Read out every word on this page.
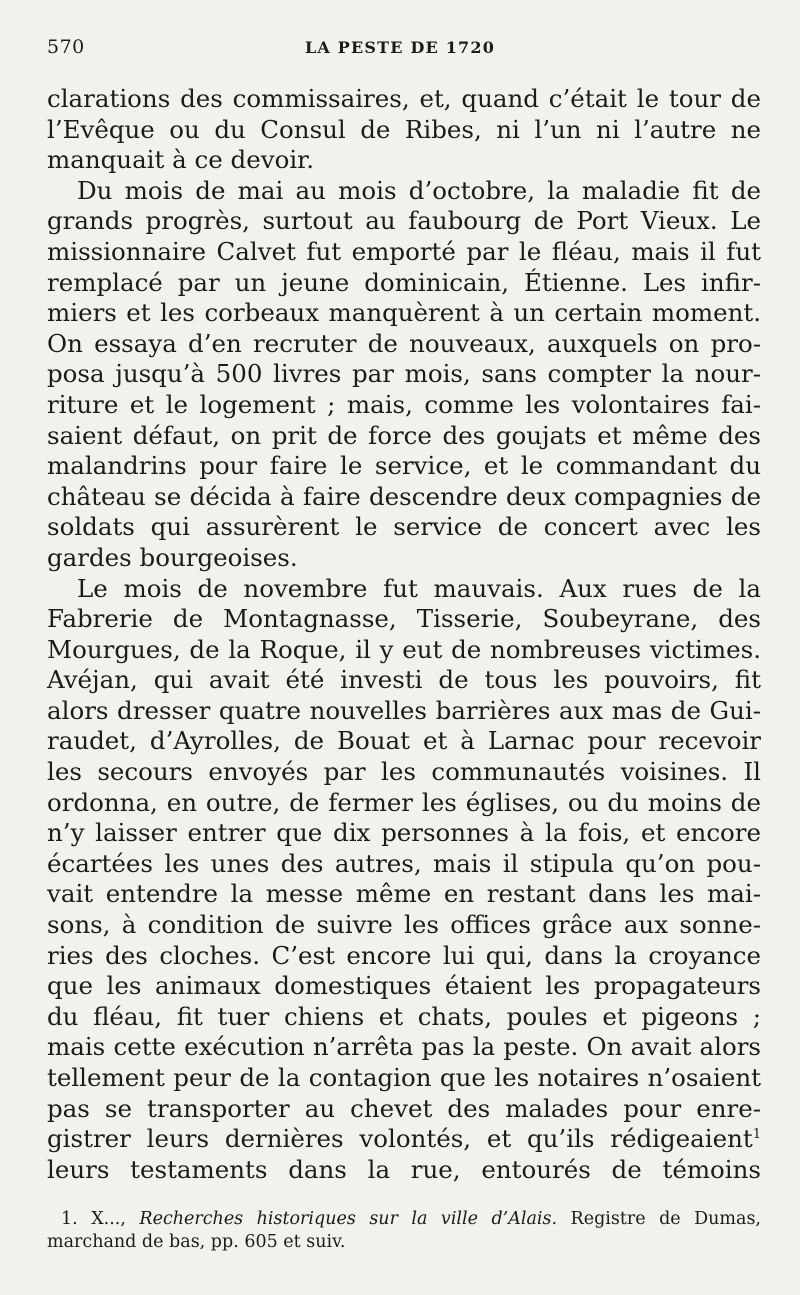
570	LA PESTE DE 1720
clarations des commissaires, et, quand c’était le tour de
l’Evêque ou du Consul de Ribes, ni l’un ni l’autre ne
manquait à ce devoir.
Du mois de mai au mois d’octobre, la maladie fit de
grands progrès, surtout au faubourg de Port Vieux. Le
missionnaire Calvet fut emporté par le fléau, mais il fut
remplacé par un jeune dominicain, Étienne. Les infir-
miers et les corbeaux manquèrent à un certain moment.
On essaya d’en recruter de nouveaux, auxquels on pro-
posa jusqu’à 500 livres par mois, sans compter la nour-
riture et le logement ; mais, comme les volontaires fai-
saient défaut, on prit de force des goujats et même des
malandrins pour faire le service, et le commandant du
château se décida à faire descendre deux compagnies de
soldats qui assurèrent le service de concert avec les
gardes bourgeoises.
Le mois de novembre fut mauvais. Aux rues de la
Fabrerie de Montagnasse, Tisserie, Soubeyrane, des
Mourgues, de la Roque, il y eut de nombreuses victimes.
Avéjan, qui avait été investi de tous les pouvoirs, fit
alors dresser quatre nouvelles barrières aux mas de Gui-
raudet, d’Ayrolles, de Bouat et à Larnac pour recevoir
les secours envoyés par les communautés voisines. Il
ordonna, en outre, de fermer les églises, ou du moins de
n’y laisser entrer que dix personnes à la fois, et encore
écartées les unes des autres, mais il stipula qu’on pou-
vait entendre la messe même en restant dans les mai-
sons, à condition de suivre les offices grâce aux sonne-
ries des cloches. C’est encore lui qui, dans la croyance
que les animaux domestiques étaient les propagateurs
du fléau, fit tuer chiens et chats, poules et pigeons ;
mais cette exécution n’arrêta pas la peste. On avait alors
tellement peur de la contagion que les notaires n’osaient
pas se transporter au chevet des malades pour enre-
gistrer leurs dernières volontés, et qu’ils rédigeaient$^1$
leurs testaments dans la rue, entourés de témoins
1. X..., Recherches historiques sur la ville d’Alais. Registre de Dumas,
marchand de bas, pp. 605 et suiv.
